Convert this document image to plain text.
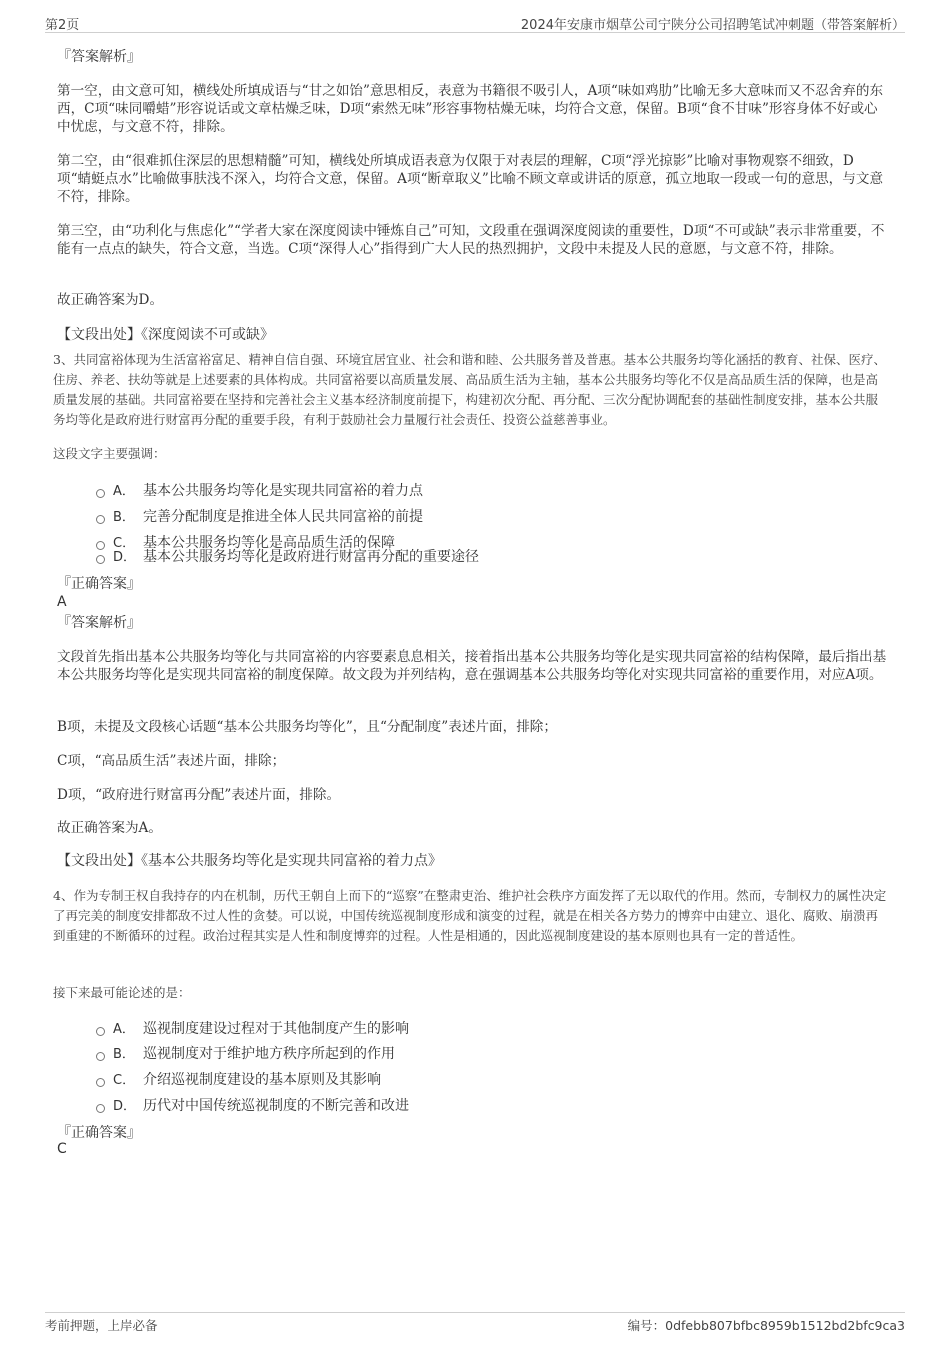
第2页	2024年安康市烟草公司宁陕分公司招聘笔试冲刺题（带答案解析）
『答案解析』

第一空，由文意可知，横线处所填成语与“甘之如饴”意思相反，表意为书籍很不吸引人，A项“味如鸡肋”比喻无多大意味而又不忍舍弃的东西，C项“味同嚼蜡”形容说话或文章枯燥乏味，D项“索然无味”形容事物枯燥无味，均符合文意，保留。B项“食不甘味”形容身体不好或心中忧虑，与文意不符，排除。

第二空，由“很难抓住深层的思想精髓”可知，横线处所填成语表意为仅限于对表层的理解，C项“浮光掠影”比喻对事物观察不细致，D项“蜻蜓点水”比喻做事肤浅不深入，均符合文意，保留。A项“断章取义”比喻不顾文章或讲话的原意，孤立地取一段或一句的意思，与文意不符，排除。

第三空，由“功利化与焦虑化”“学者大家在深度阅读中锤炼自己”可知，文段重在强调深度阅读的重要性，D项“不可或缺”表示非常重要，不能有一点点的缺失，符合文意，当选。C项“深得人心”指得到广大人民的热烈拥护，文段中未提及人民的意愿，与文意不符，排除。

故正确答案为D。

【文段出处】《深度阅读不可或缺》

3、共同富裕体现为生活富裕富足、精神自信自强、环境宜居宜业、社会和谐和睦、公共服务普及普惠。基本公共服务均等化涵括的教育、社保、医疗、住房、养老、扶幼等就是上述要素的具体构成。共同富裕要以高质量发展、高品质生活为主轴，基本公共服务均等化不仅是高品质生活的保障，也是高质量发展的基础。共同富裕要在坚持和完善社会主义基本经济制度前提下，构建初次分配、再分配、三次分配协调配套的基础性制度安排，基本公共服务均等化是政府进行财富再分配的重要手段，有利于鼓励社会力量履行社会责任、投资公益慈善事业。

这段文字主要强调：
A． 基本公共服务均等化是实现共同富裕的着力点
B． 完善分配制度是推进全体人民共同富裕的前提
C． 基本公共服务均等化是高品质生活的保障
D． 基本公共服务均等化是政府进行财富再分配的重要途径
『正确答案』
A
『答案解析』

文段首先指出基本公共服务均等化与共同富裕的内容要素息息相关，接着指出基本公共服务均等化是实现共同富裕的结构保障，最后指出基本公共服务均等化是实现共同富裕的制度保障。故文段为并列结构，意在强调基本公共服务均等化对实现共同富裕的重要作用，对应A项。

B项，未提及文段核心话题“基本公共服务均等化”，且“分配制度”表述片面，排除；

C项，“高品质生活”表述片面，排除；

D项，“政府进行财富再分配”表述片面，排除。

故正确答案为A。

【文段出处】《基本公共服务均等化是实现共同富裕的着力点》

4、作为专制王权自我持存的内在机制，历代王朝自上而下的“巡察”在整肃吏治、维护社会秩序方面发挥了无以取代的作用。然而，专制权力的属性决定了再完美的制度安排都敌不过人性的贪婪。可以说，中国传统巡视制度形成和演变的过程，就是在相关各方势力的博弈中由建立、退化、腐败、崩溃再到重建的不断循环的过程。政治过程其实是人性和制度博弈的过程。人性是相通的，因此巡视制度建设的基本原则也具有一定的普适性。

接下来最可能论述的是：
A． 巡视制度建设过程对于其他制度产生的影响
B． 巡视制度对于维护地方秩序所起到的作用
C． 介绍巡视制度建设的基本原则及其影响
D． 历代对中国传统巡视制度的不断完善和改进
『正确答案』
C
考前押题，上岸必备	编号：0dfebb807bfbc8959b1512bd2bfc9ca3
